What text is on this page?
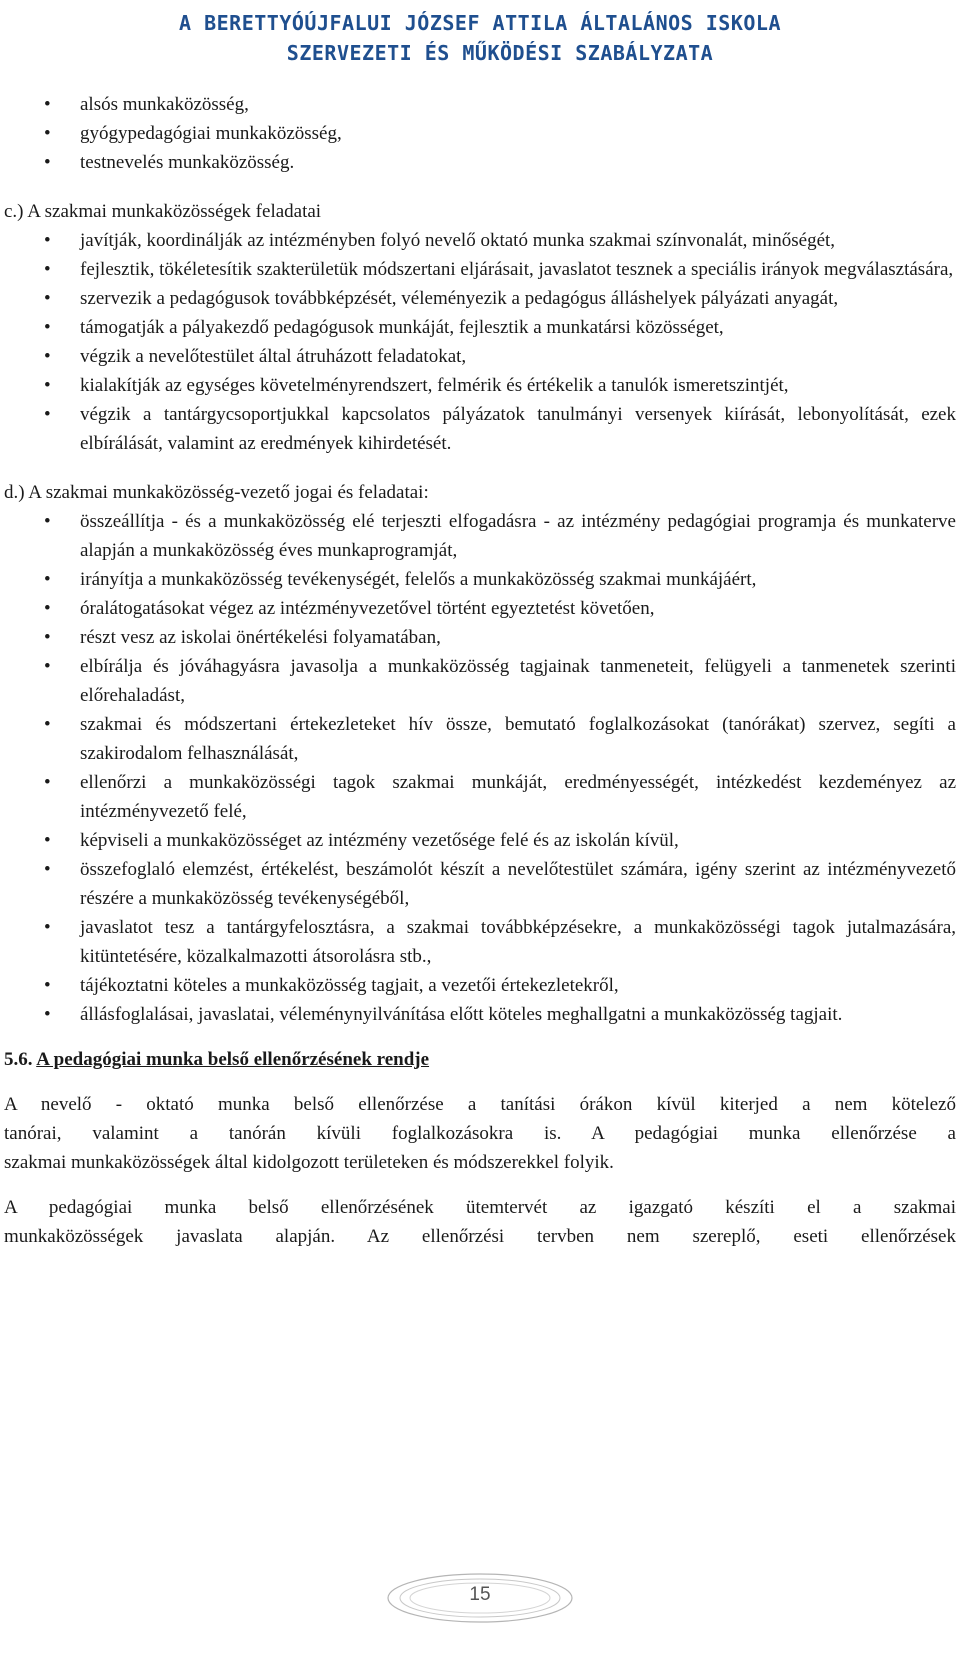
A BERETTYÓÚJFALUI JÓZSEF ATTILA ÁLTALÁNOS ISKOLA
SZERVEZETI ÉS MŰKÖDÉSI SZABÁLYZATA
• alsós munkaközösség,
• gyógypedagógiai munkaközösség,
• testnevelés munkaközösség.
c.) A szakmai munkaközösségek feladatai
• javítják, koordinálják az intézményben folyó nevelő oktató munka szakmai színvonalát, minőségét,
• fejlesztik, tökéletesítik szakterületük módszertani eljárásait, javaslatot tesznek a speciális irányok megválasztására,
• szervezik a pedagógusok továbbképzését, véleményezik a pedagógus álláshelyek pályázati anyagát,
• támogatják a pályakezdő pedagógusok munkáját, fejlesztik a munkatársi közösséget,
• végzik a nevelőtestület által átruházott feladatokat,
• kialakítják az egységes követelményrendszert, felmérik és értékelik a tanulók ismeretszintjét,
• végzik a tantárgycsoportjukkal kapcsolatos pályázatok tanulmányi versenyek kiírását, lebonyolítását, ezek elbírálását, valamint az eredmények kihirdetését.
d.) A szakmai munkaközösség-vezető jogai és feladatai:
• összeállítja - és a munkaközösség elé terjeszti elfogadásra - az intézmény pedagógiai programja és munkaterve alapján a munkaközösség éves munkaprogramját,
• irányítja a munkaközösség tevékenységét, felelős a munkaközösség szakmai munkájáért,
• óralátogatásokat végez az intézményvezetővel történt egyeztetést követően,
• részt vesz az iskolai önértékelési folyamatában,
• elbírálja és jóváhagyásra javasolja a munkaközösség tagjainak tanmeneteit, felügyeli a tanmenetek szerinti előrehaladást,
• szakmai és módszertani értekezleteket hív össze, bemutató foglalkozásokat (tanórákat) szervez, segíti a szakirodalom felhasználását,
• ellenőrzi a munkaközösségi tagok szakmai munkáját, eredményességét, intézkedést kezdeményez az intézményvezető felé,
• képviseli a munkaközösséget az intézmény vezetősége felé és az iskolán kívül,
• összefoglaló elemzést, értékelést, beszámolót készít a nevelőtestület számára, igény szerint az intézményvezető részére a munkaközösség tevékenységéből,
• javaslatot tesz a tantárgyfelosztásra, a szakmai továbbképzésekre, a munkaközösségi tagok jutalmazására, kitüntetésére, közalkalmazotti átsorolásra stb.,
• tájékoztatni köteles a munkaközösség tagjait, a vezetői értekezletekről,
• állásfoglalásai, javaslatai, véleménynyilvánítása előtt köteles meghallgatni a munkaközösség tagjait.
5.6. A pedagógiai munka belső ellenőrzésének rendje
A nevelő - oktató munka belső ellenőrzése a tanítási órákon kívül kiterjed a nem kötelező
tanórai, valamint a tanórán kívüli foglalkozásokra is. A pedagógiai munka ellenőrzése a
szakmai munkaközösségek által kidolgozott területeken és módszerekkel folyik.
A pedagógiai munka belső ellenőrzésének ütemtervét az igazgató készíti el a szakmai
munkaközösségek javaslata alapján. Az ellenőrzési tervben nem szereplő, eseti ellenőrzések
15
